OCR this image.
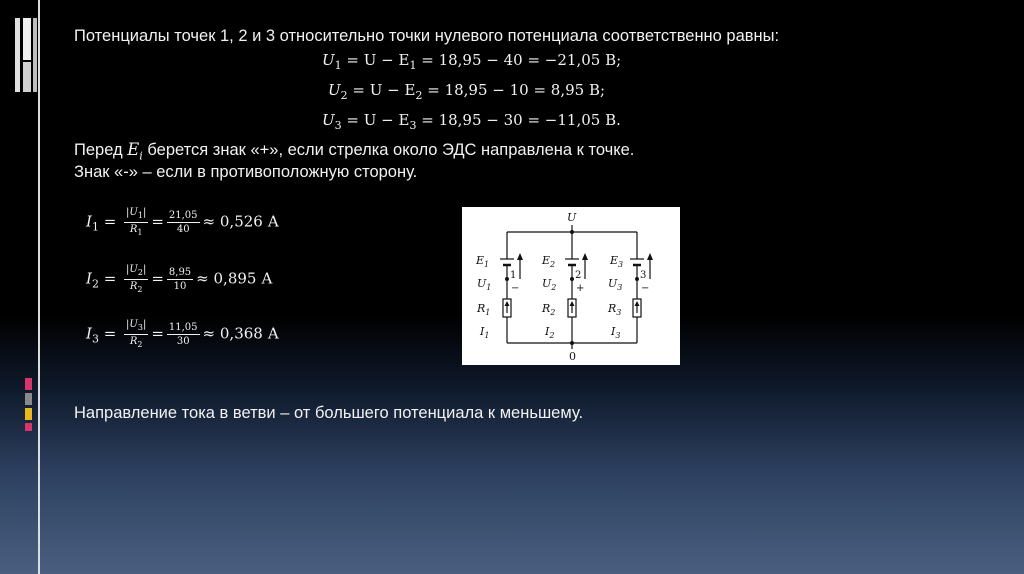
Потенциалы точек 1, 2 и 3 относительно точки нулевого потенциала соответственно равны:
$U_1 = U - E_1 = 18,95 - 40 = -21,05$ В;
$U_2 = U - E_2 = 18,95 - 10 = 8,95$ В;
$U_3 = U - E_3 = 18,95 - 30 = -11,05$ В.
Перед $E_i$ берется знак «+», если стрелка около ЭДС направлена к точке.
Знак «-» – если в противоположную сторону.
$I_1 = \frac{|U_1|}{R_1} = \frac{21,05}{40} \approx 0,526$ А
$I_2 = \frac{|U_2|}{R_2} = \frac{8,95}{10} \approx 0,895$ А
$I_3 = \frac{|U_3|}{R_2} = \frac{11,05}{30} \approx 0,368$ А
U
0
$E_1$
$U_1$
$R_1$
$I_1$
1
−
$E_2$
$U_2$
$R_2$
$I_2$
2
+
$E_3$
$U_3$
$R_3$
$I_3$
3
−
Направление тока в ветви – от большего потенциала к меньшему.
